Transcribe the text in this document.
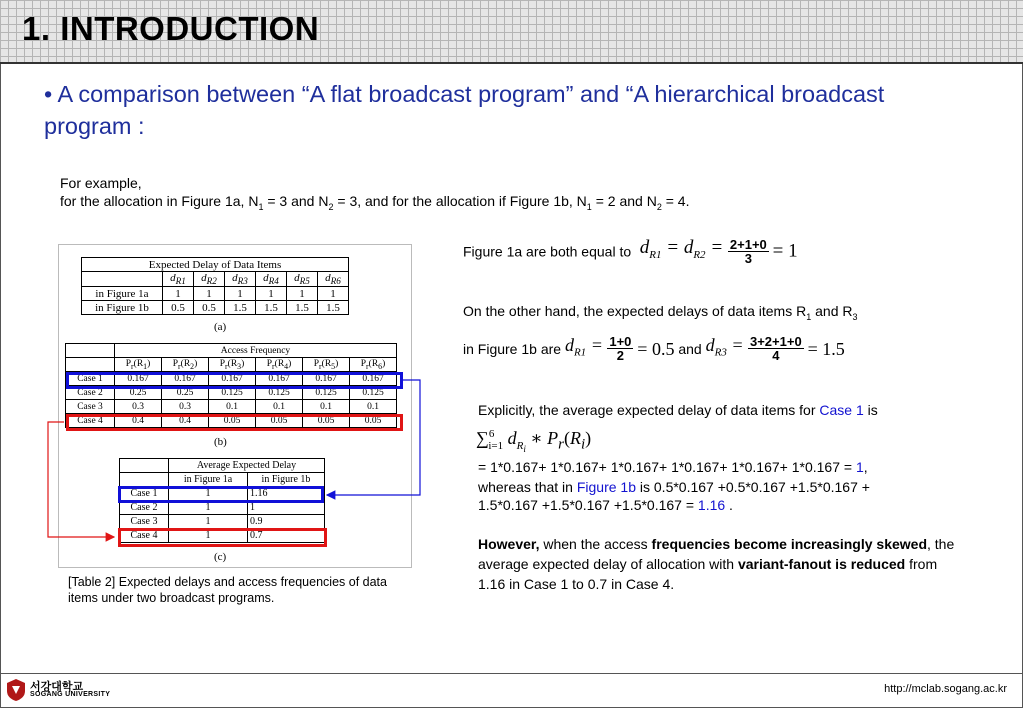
1. INTRODUCTION
• A comparison between “A flat broadcast program” and “A hierarchical broadcast program :
For example,
for the allocation in Figure 1a, $N_1 = 3$ and $N_2 = 3$, and for the allocation if Figure 1b, $N_1 = 2$ and $N_2 = 4$.
Expected Delay of Data Items						
	$d_{R1}$	$d_{R2}$	$d_{R3}$	$d_{R4}$	$d_{R5}$	$d_{R6}$
in Figure 1a	1	1	1	1	1	1
in Figure 1b	0.5	0.5	1.5	1.5	1.5	1.5
(a)
	Access Frequency					
	$P_r(R_1)$	$P_r(R_2)$	$P_r(R_3)$	$P_r(R_4)$	$P_r(R_5)$	$P_r(R_6)$
Case 1	0.167	0.167	0.167	0.167	0.167	0.167
Case 2	0.25	0.25	0.125	0.125	0.125	0.125
Case 3	0.3	0.3	0.1	0.1	0.1	0.1
Case 4	0.4	0.4	0.05	0.05	0.05	0.05
(b)
	Average Expected Delay	
	in Figure 1a	in Figure 1b
Case 1	1	1.16
Case 2	1	1
Case 3	1	0.9
Case 4	1	0.7
(c)
[Table 2] Expected delays and access frequencies of data items under two broadcast programs.
Figure 1a are both equal to  $d_{R1} = d_{R2} = \frac{2+1+0}{3} = 1$
On the other hand, the expected delays of data items $R_1$ and $R_3$
in Figure 1b are $d_{R1} = \frac{1+0}{2} = 0.5$ and $d_{R3} = \frac{3+2+1+0}{4} = 1.5$
Explicitly, the average expected delay of data items for Case 1 is
∑$^6_{i=1}$ $d_{R_i}$ ∗ $P_r(R_i)$
= 1*0.167+ 1*0.167+ 1*0.167+ 1*0.167+ 1*0.167+ 1*0.167 = 1,
whereas that in Figure 1b is 0.5*0.167 +0.5*0.167 +1.5*0.167 +
1.5*0.167 +1.5*0.167 +1.5*0.167 = 1.16 .
However, when the access frequencies become increasingly skewed, the average expected delay of allocation with variant-fanout is reduced from 1.16 in Case 1 to 0.7 in Case 4.
서강대학교
SOGANG UNIVERSITY	http://mclab.sogang.ac.kr
